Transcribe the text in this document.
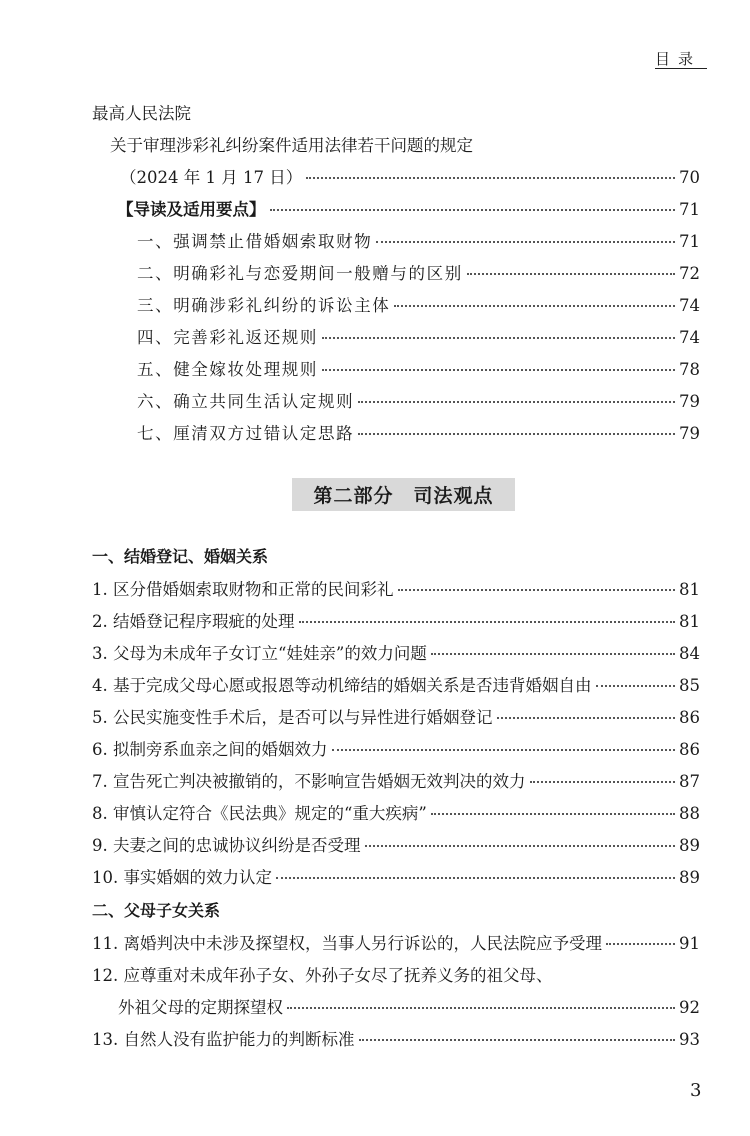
目录
最高人民法院
关于审理涉彩礼纠纷案件适用法律若干问题的规定
（2024 年 1 月 17 日）	70
【导读及适用要点】	71
一、强调禁止借婚姻索取财物	71
二、明确彩礼与恋爱期间一般赠与的区别	72
三、明确涉彩礼纠纷的诉讼主体	74
四、完善彩礼返还规则	74
五、健全嫁妆处理规则	78
六、确立共同生活认定规则	79
七、厘清双方过错认定思路	79
第二部分　司法观点
一、结婚登记、婚姻关系
1. 区分借婚姻索取财物和正常的民间彩礼	81
2. 结婚登记程序瑕疵的处理	81
3. 父母为未成年子女订立“娃娃亲”的效力问题	84
4. 基于完成父母心愿或报恩等动机缔结的婚姻关系是否违背婚姻自由	85
5. 公民实施变性手术后，是否可以与异性进行婚姻登记	86
6. 拟制旁系血亲之间的婚姻效力	86
7. 宣告死亡判决被撤销的，不影响宣告婚姻无效判决的效力	87
8. 审慎认定符合《民法典》规定的“重大疾病”	88
9. 夫妻之间的忠诚协议纠纷是否受理	89
10. 事实婚姻的效力认定	89
二、父母子女关系
11. 离婚判决中未涉及探望权，当事人另行诉讼的，人民法院应予受理	91
12. 应尊重对未成年孙子女、外孙子女尽了抚养义务的祖父母、
外祖父母的定期探望权	92
13. 自然人没有监护能力的判断标准	93
3
